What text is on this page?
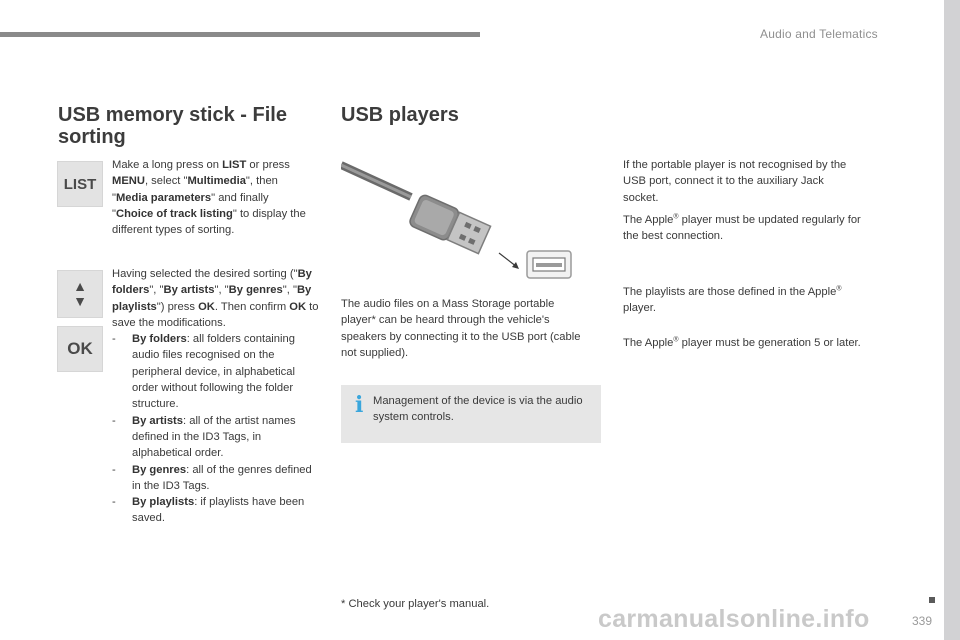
Audio and Telematics
339
carmanualsonline.info
USB memory stick - File sorting
LIST
Make a long press on LIST or press MENU, select "Multimedia", then "Media parameters" and finally "Choice of track listing" to display the different types of sorting.
▲
▼
OK
Having selected the desired sorting ("By folders", "By artists", "By genres", "By playlists") press OK. Then confirm OK to save the modifications.
- By folders: all folders containing audio files recognised on the peripheral device, in alphabetical order without following the folder structure.
- By artists: all of the artist names defined in the ID3 Tags, in alphabetical order.
- By genres: all of the genres defined in the ID3 Tags.
- By playlists: if playlists have been saved.
USB players
The audio files on a Mass Storage portable player* can be heard through the vehicle's speakers by connecting it to the USB port (cable not supplied).
i Management of the device is via the audio system controls.
* Check your player's manual.
If the portable player is not recognised by the USB port, connect it to the auxiliary Jack socket.
The Apple® player must be updated regularly for the best connection.
The playlists are those defined in the Apple® player.
The Apple® player must be generation 5 or later.
